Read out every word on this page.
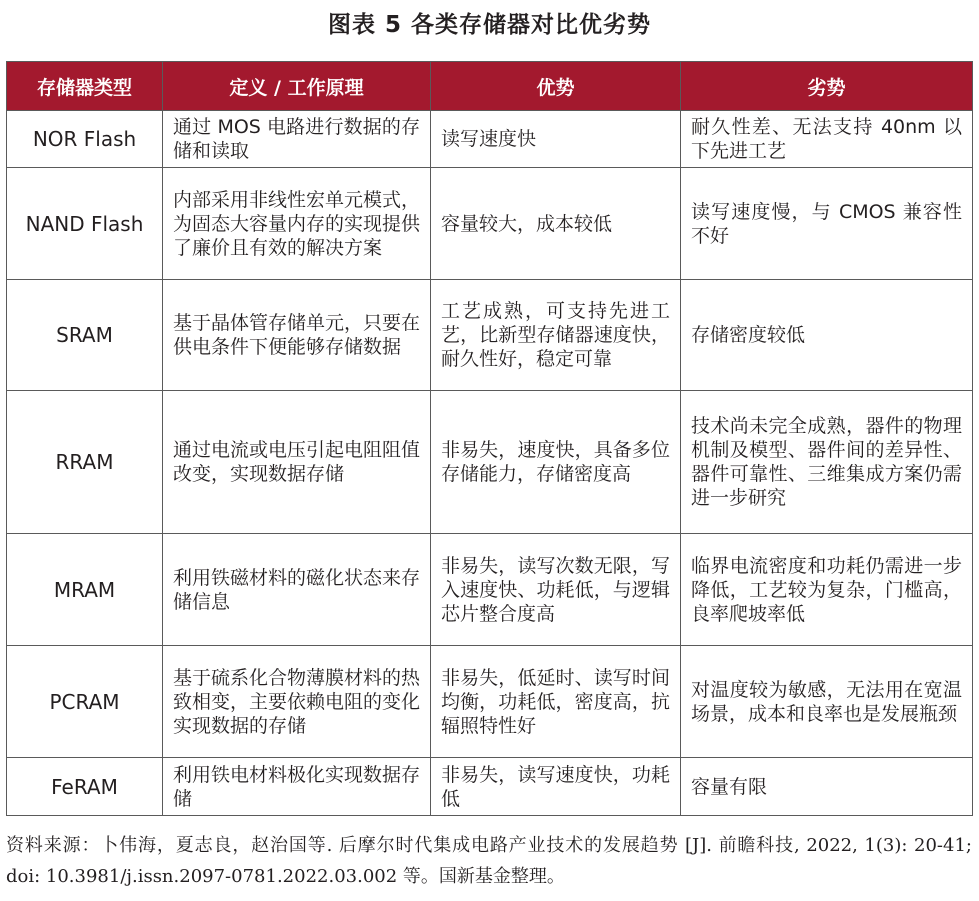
图表 5 各类存储器对比优劣势
存储器类型	定义 / 工作原理	优势	劣势
NOR Flash	通过 MOS 电路进行数据的存储和读取	读写速度快	耐久性差、无法支持 40nm 以下先进工艺
NAND Flash	内部采用非线性宏单元模式，为固态大容量内存的实现提供了廉价且有效的解决方案	容量较大，成本较低	读写速度慢，与 CMOS 兼容性不好
SRAM	基于晶体管存储单元，只要在供电条件下便能够存储数据	工艺成熟，可支持先进工艺，比新型存储器速度快，耐久性好，稳定可靠	存储密度较低
RRAM	通过电流或电压引起电阻阻值改变，实现数据存储	非易失，速度快，具备多位存储能力，存储密度高	技术尚未完全成熟，器件的物理机制及模型、器件间的差异性、器件可靠性、三维集成方案仍需进一步研究
MRAM	利用铁磁材料的磁化状态来存储信息	非易失，读写次数无限，写入速度快、功耗低，与逻辑芯片整合度高	临界电流密度和功耗仍需进一步降低，工艺较为复杂，门槛高，良率爬坡率低
PCRAM	基于硫系化合物薄膜材料的热致相变，主要依赖电阻的变化实现数据的存储	非易失，低延时、读写时间均衡，功耗低，密度高，抗辐照特性好	对温度较为敏感，无法用在宽温场景，成本和良率也是发展瓶颈
FeRAM	利用铁电材料极化实现数据存储	非易失，读写速度快，功耗低	容量有限
资料来源：卜伟海，夏志良，赵治国等. 后摩尔时代集成电路产业技术的发展趋势 [J]. 前瞻科技, 2022, 1(3): 20-41; doi: 10.3981/j.issn.2097-0781.2022.03.002 等。国新基金整理。
